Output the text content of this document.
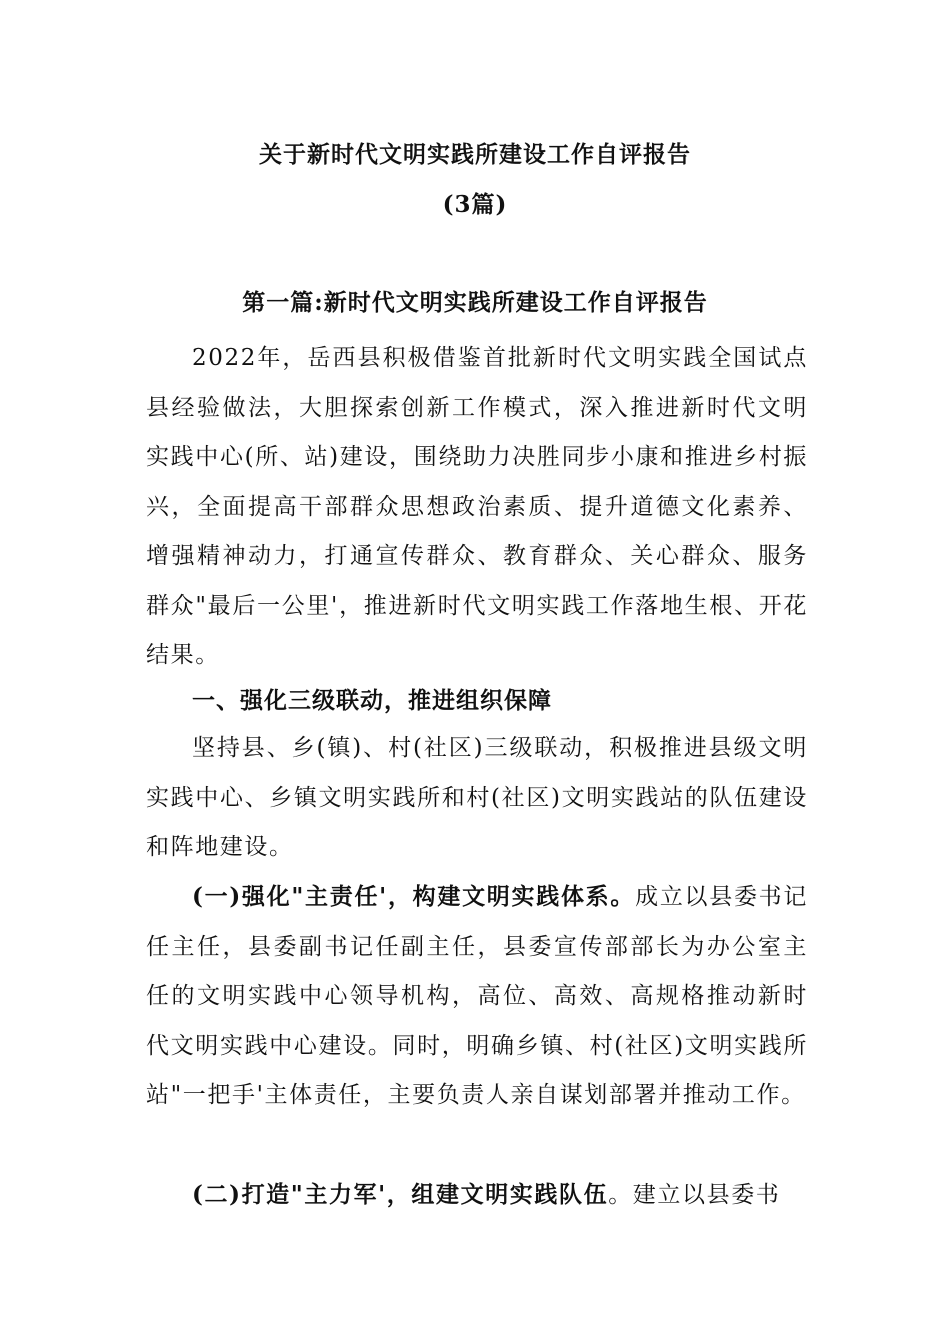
关于新时代文明实践所建设工作自评报告
(3篇)
第一篇:新时代文明实践所建设工作自评报告
2022年，岳西县积极借鉴首批新时代文明实践全国试点县经验做法，大胆探索创新工作模式，深入推进新时代文明实践中心(所、站)建设，围绕助力决胜同步小康和推进乡村振兴，全面提高干部群众思想政治素质、提升道德文化素养、增强精神动力，打通宣传群众、教育群众、关心群众、服务群众"最后一公里'，推进新时代文明实践工作落地生根、开花结果。
一、强化三级联动，推进组织保障
坚持县、乡(镇)、村(社区)三级联动，积极推进县级文明实践中心、乡镇文明实践所和村(社区)文明实践站的队伍建设和阵地建设。
(一)强化"主责任'，构建文明实践体系。成立以县委书记任主任，县委副书记任副主任，县委宣传部部长为办公室主任的文明实践中心领导机构，高位、高效、高规格推动新时代文明实践中心建设。同时，明确乡镇、村(社区)文明实践所站"一把手'主体责任，主要负责人亲自谋划部署并推动工作。
(二)打造"主力军'，组建文明实践队伍。建立以县委书
